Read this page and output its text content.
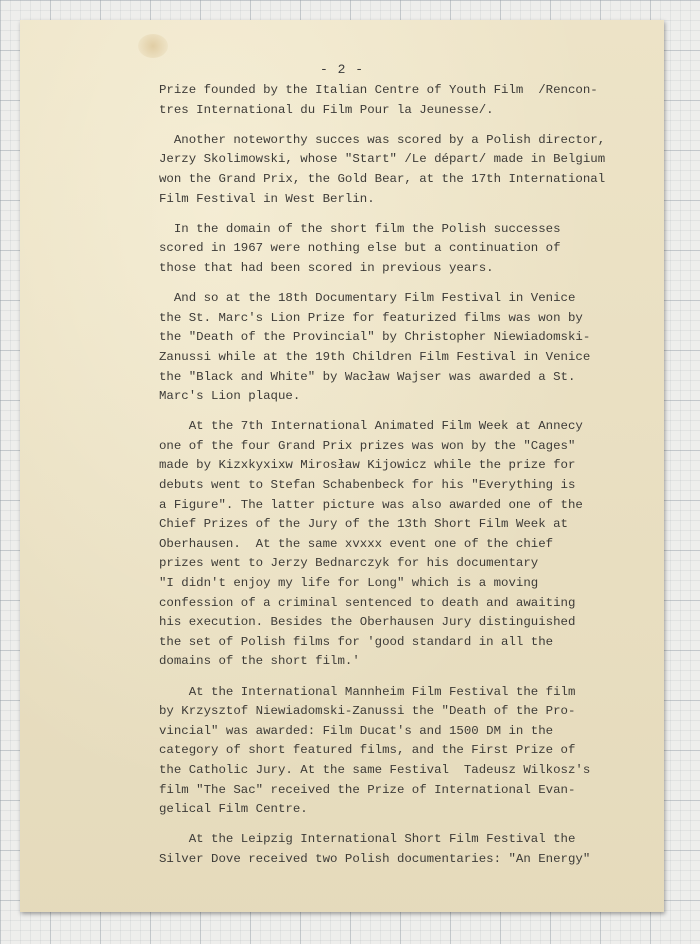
- 2 -

Prize founded by the Italian Centre of Youth Film  /Rencon-
tres International du Film Pour la Jeunesse/.

Another noteworthy succes was scored by a Polish director,
Jerzy Skolimowski, whose "Start" /Le départ/ made in Belgium
won the Grand Prix, the Gold Bear, at the 17th International
Film Festival in West Berlin.

In the domain of the short film the Polish successes
scored in 1967 were nothing else but a continuation of
those that had been scored in previous years.

And so at the 18th Documentary Film Festival in Venice
the St. Marc's Lion Prize for featurized films was won by
the "Death of the Provincial" by Christopher Niewiadomski-
Zanussi while at the 19th Children Film Festival in Venice
the "Black and White" by Wacław Wajser was awarded a St.
Marc's Lion plaque.

At the 7th International Animated Film Week at Annecy
one of the four Grand Prix prizes was won by the "Cages"
made by Kizxkyxixw Mirosław Kijowicz while the prize for
debuts went to Stefan Schabenbeck for his "Everything is
a Figure". The latter picture was also awarded one of the
Chief Prizes of the Jury of the 13th Short Film Week at
Oberhausen.  At the same xvxxx event one of the chief
prizes went to Jerzy Bednarczyk for his documentary
"I didn't enjoy my life for Long" which is a moving
confession of a criminal sentenced to death and awaiting
his execution. Besides the Oberhausen Jury distinguished
the set of Polish films for 'good standard in all the
domains of the short film.'

At the International Mannheim Film Festival the film
by Krzysztof Niewiadomski-Zanussi the "Death of the Pro-
vincial" was awarded: Film Ducat's and 1500 DM in the
category of short featured films, and the First Prize of
the Catholic Jury. At the same Festival  Tadeusz Wilkosz's
film "The Sac" received the Prize of International Evan-
gelical Film Centre.

At the Leipzig International Short Film Festival the
Silver Dove received two Polish documentaries: "An Energy"
